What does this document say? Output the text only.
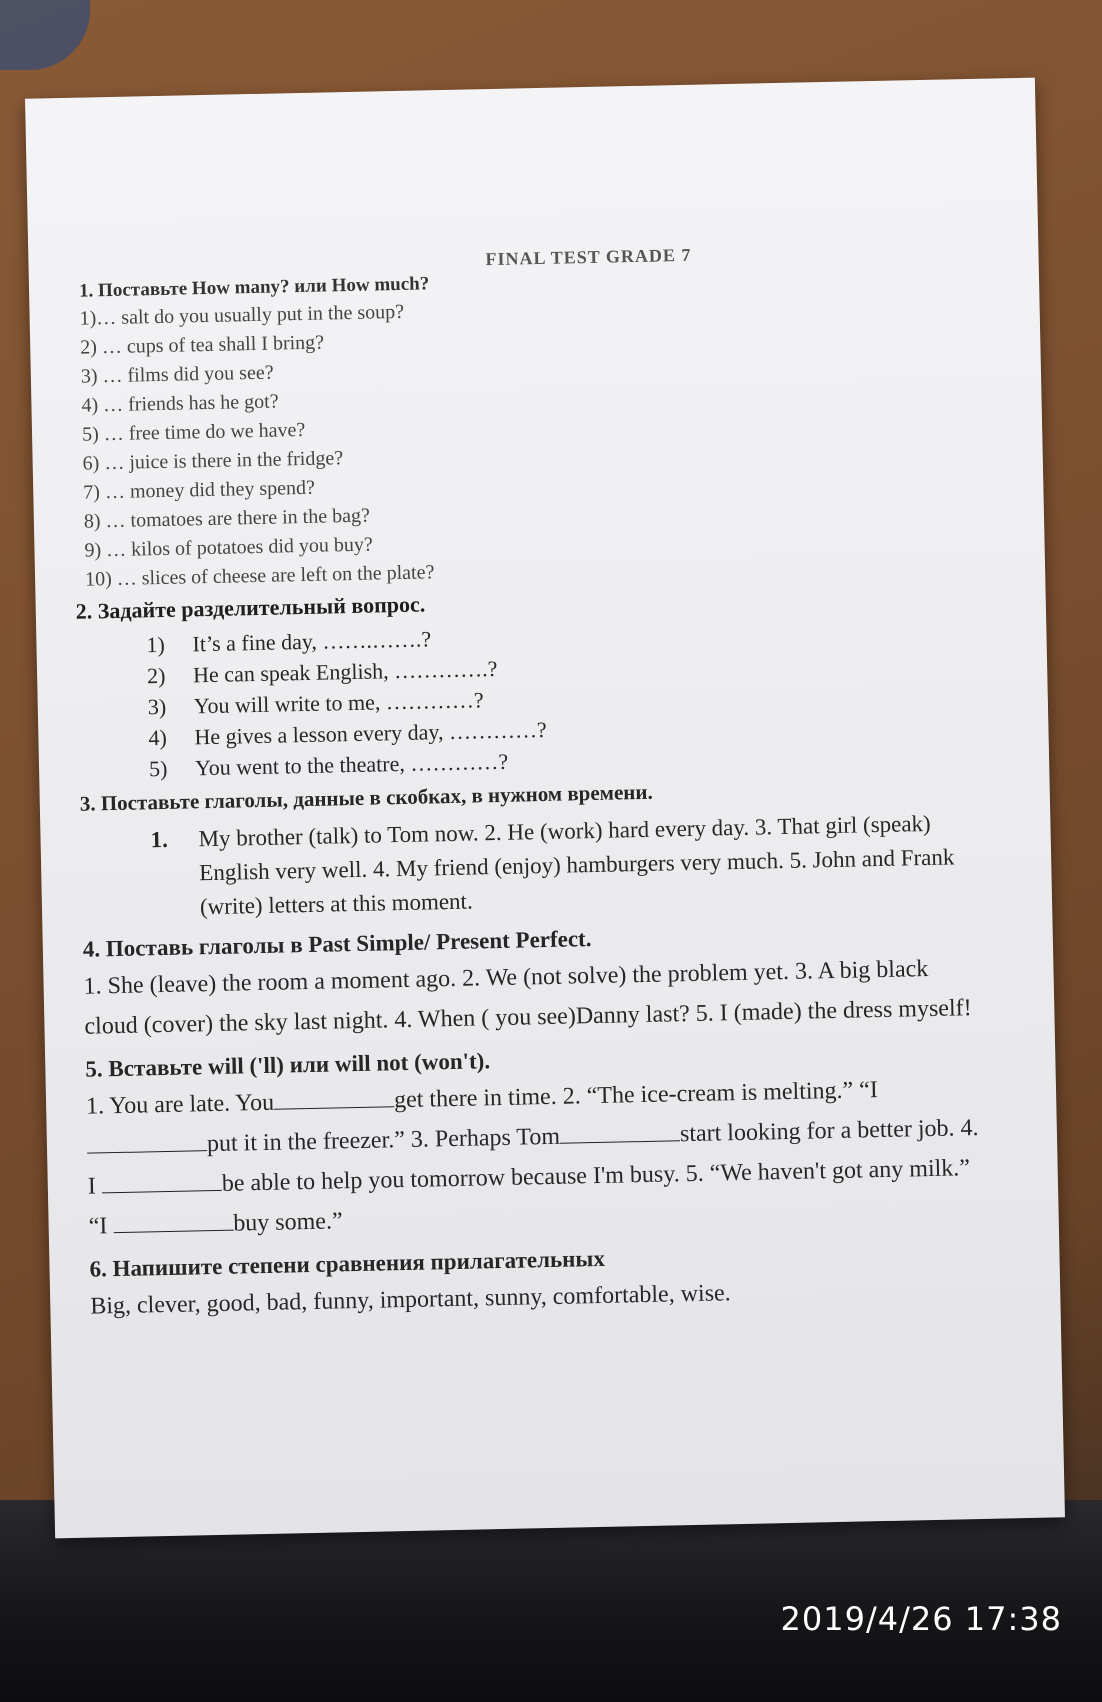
FINAL TEST GRADE 7
1. Поставьте How many? или How much?
1)… salt do you usually put in the soup?
2) … cups of tea shall I bring?
3) … films did you see?
4) … friends has he got?
5) … free time do we have?
6) … juice is there in the fridge?
7) … money did they spend?
8) … tomatoes are there in the bag?
9) … kilos of potatoes did you buy?
10) … slices of cheese are left on the plate?
2. Задайте разделительный вопрос.
1) It’s a fine day, …….…….?
2) He can speak English, ………….?
3) You will write to me, …………?
4) He gives a lesson every day, …………?
5) You went to the theatre, …………?
3. Поставьте глаголы, данные в скобках, в нужном времени.
1.	My brother (talk) to Tom now. 2. He (work) hard every day. 3. That girl (speak) English very well. 4. My friend (enjoy) hamburgers very much. 5. John and Frank (write) letters at this moment.
4. Поставь глаголы в Past Simple/ Present Perfect.
1. She (leave) the room a moment ago. 2. We (not solve) the problem yet. 3. A big black cloud (cover) the sky last night. 4. When ( you see)Danny last? 5. I (made) the dress myself!
5. Вставьте will ('ll) или will not (won't).
1. You are late. You	get there in time. 2. “The ice-cream is melting.” “Iput it in the freezer.” 3. Perhaps Tom	start looking for a better job. 4. I	be able to help you tomorrow because I'm busy. 5. “We haven't got any milk.” “I	buy some.”
6. Напишите степени сравнения прилагательных
Big, clever, good, bad, funny, important, sunny, comfortable, wise.
2019/4/26 17:38
